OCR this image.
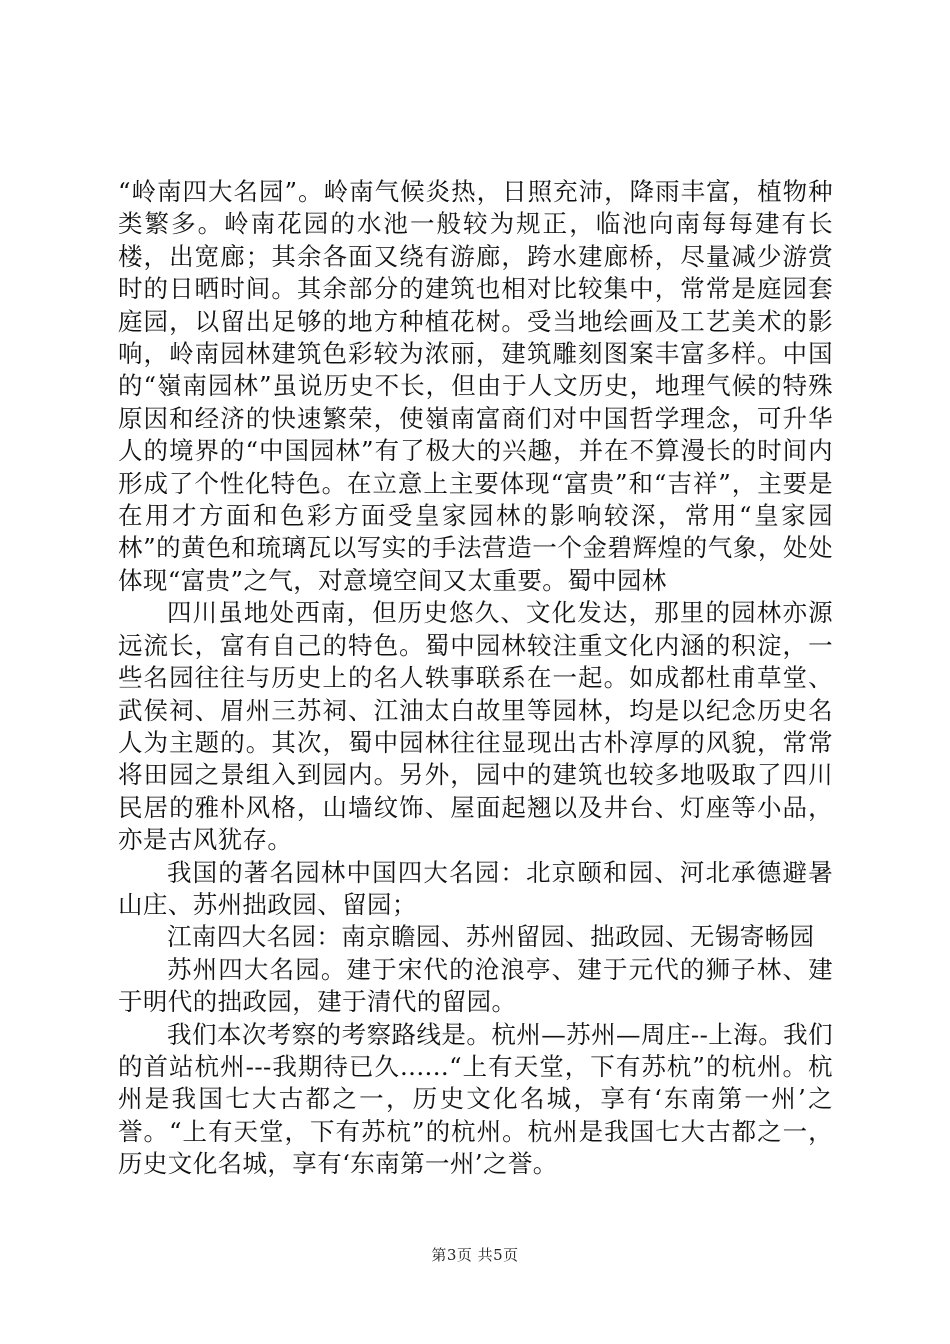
“岭南四大名园”。岭南气候炎热，日照充沛，降雨丰富，植物种类繁多。岭南花园的水池一般较为规正，临池向南每每建有长楼，出宽廊；其余各面又绕有游廊，跨水建廊桥，尽量减少游赏时的日晒时间。其余部分的建筑也相对比较集中，常常是庭园套庭园，以留出足够的地方种植花树。受当地绘画及工艺美术的影响，岭南园林建筑色彩较为浓丽，建筑雕刻图案丰富多样。中国的“嶺南园林”虽说历史不长，但由于人文历史，地理气候的特殊原因和经济的快速繁荣，使嶺南富商们对中国哲学理念，可升华人的境界的“中国园林”有了极大的兴趣，并在不算漫长的时间内形成了个性化特色。在立意上主要体现“富贵”和“吉祥”，主要是在用才方面和色彩方面受皇家园林的影响较深，常用“皇家园林”的黄色和琉璃瓦以写实的手法营造一个金碧辉煌的气象，处处体现“富贵”之气，对意境空间又太重要。蜀中园林

四川虽地处西南，但历史悠久、文化发达，那里的园林亦源远流长，富有自己的特色。蜀中园林较注重文化内涵的积淀，一些名园往往与历史上的名人轶事联系在一起。如成都杜甫草堂、武侯祠、眉州三苏祠、江油太白故里等园林，均是以纪念历史名人为主题的。其次，蜀中园林往往显现出古朴淳厚的风貌，常常将田园之景组入到园内。另外，园中的建筑也较多地吸取了四川民居的雅朴风格，山墙纹饰、屋面起翘以及井台、灯座等小品，亦是古风犹存。

我国的著名园林中国四大名园：北京颐和园、河北承德避暑山庄、苏州拙政园、留园；

江南四大名园：南京瞻园、苏州留园、拙政园、无锡寄畅园

苏州四大名园。建于宋代的沧浪亭、建于元代的狮子林、建于明代的拙政园，建于清代的留园。

我们本次考察的考察路线是。杭州—苏州—周庄--上海。我们的首站杭州---我期待已久......“上有天堂，下有苏杭”的杭州。杭州是我国七大古都之一，历史文化名城，享有‘东南第一州’之誉。“上有天堂，下有苏杭”的杭州。杭州是我国七大古都之一，历史文化名城，享有‘东南第一州’之誉。

第3页 共5页
